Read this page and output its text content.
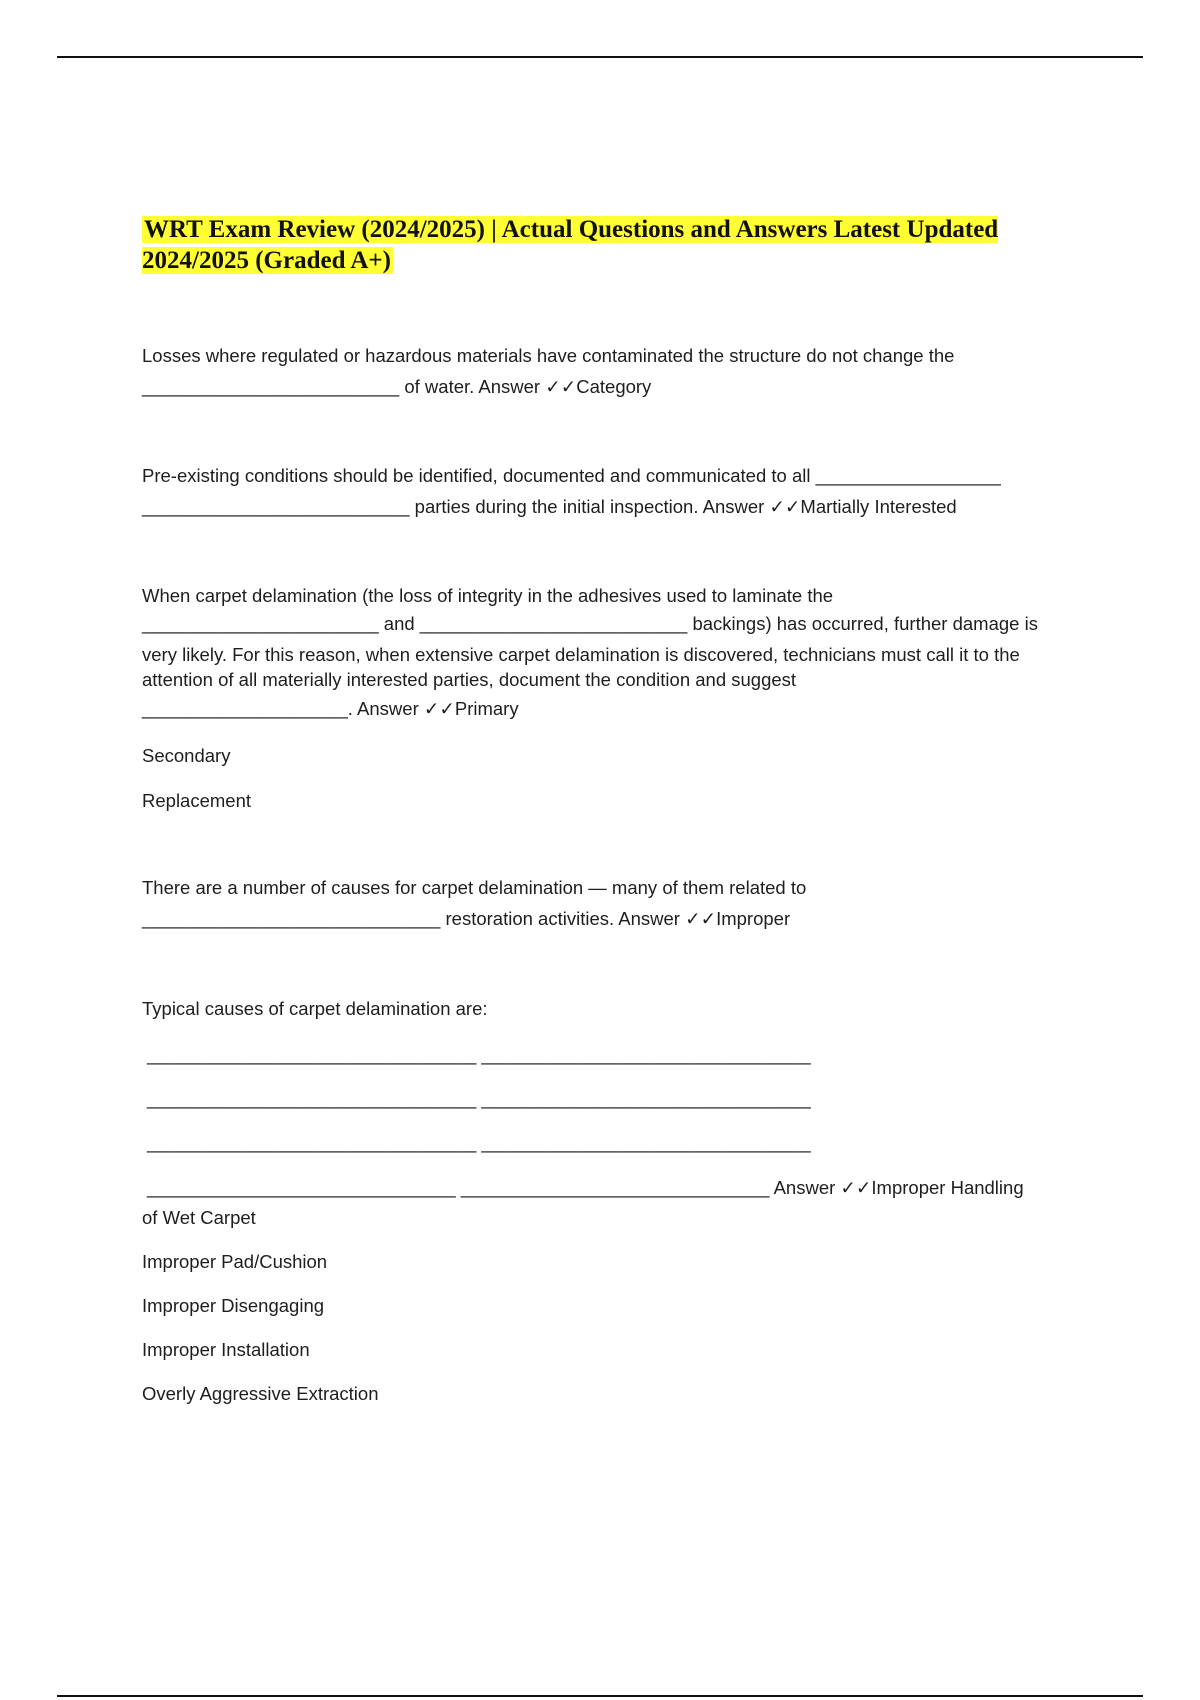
WRT Exam Review (2024/2025) | Actual Questions and Answers Latest Updated 2024/2025 (Graded A+)

Losses where regulated or hazardous materials have contaminated the structure do not change the

_________________________ of water. Answer ✓✓Category

Pre-existing conditions should be identified, documented and communicated to all __________________

__________________________ parties during the initial inspection. Answer ✓✓Martially Interested

When carpet delamination (the loss of integrity in the adhesives used to laminate the

_______________________ and __________________________ backings) has occurred, further damage is

very likely. For this reason, when extensive carpet delamination is discovered, technicians must call it to the attention of all materially interested parties, document the condition and suggest

____________________. Answer ✓✓Primary

Secondary

Replacement

There are a number of causes for carpet delamination — many of them related to

_____________________________ restoration activities. Answer ✓✓Improper

Typical causes of carpet delamination are:

________________________________ ________________________________

________________________________ ________________________________

________________________________ ________________________________

______________________________ ______________________________ Answer ✓✓Improper Handling

of Wet Carpet

Improper Pad/Cushion

Improper Disengaging

Improper Installation

Overly Aggressive Extraction
